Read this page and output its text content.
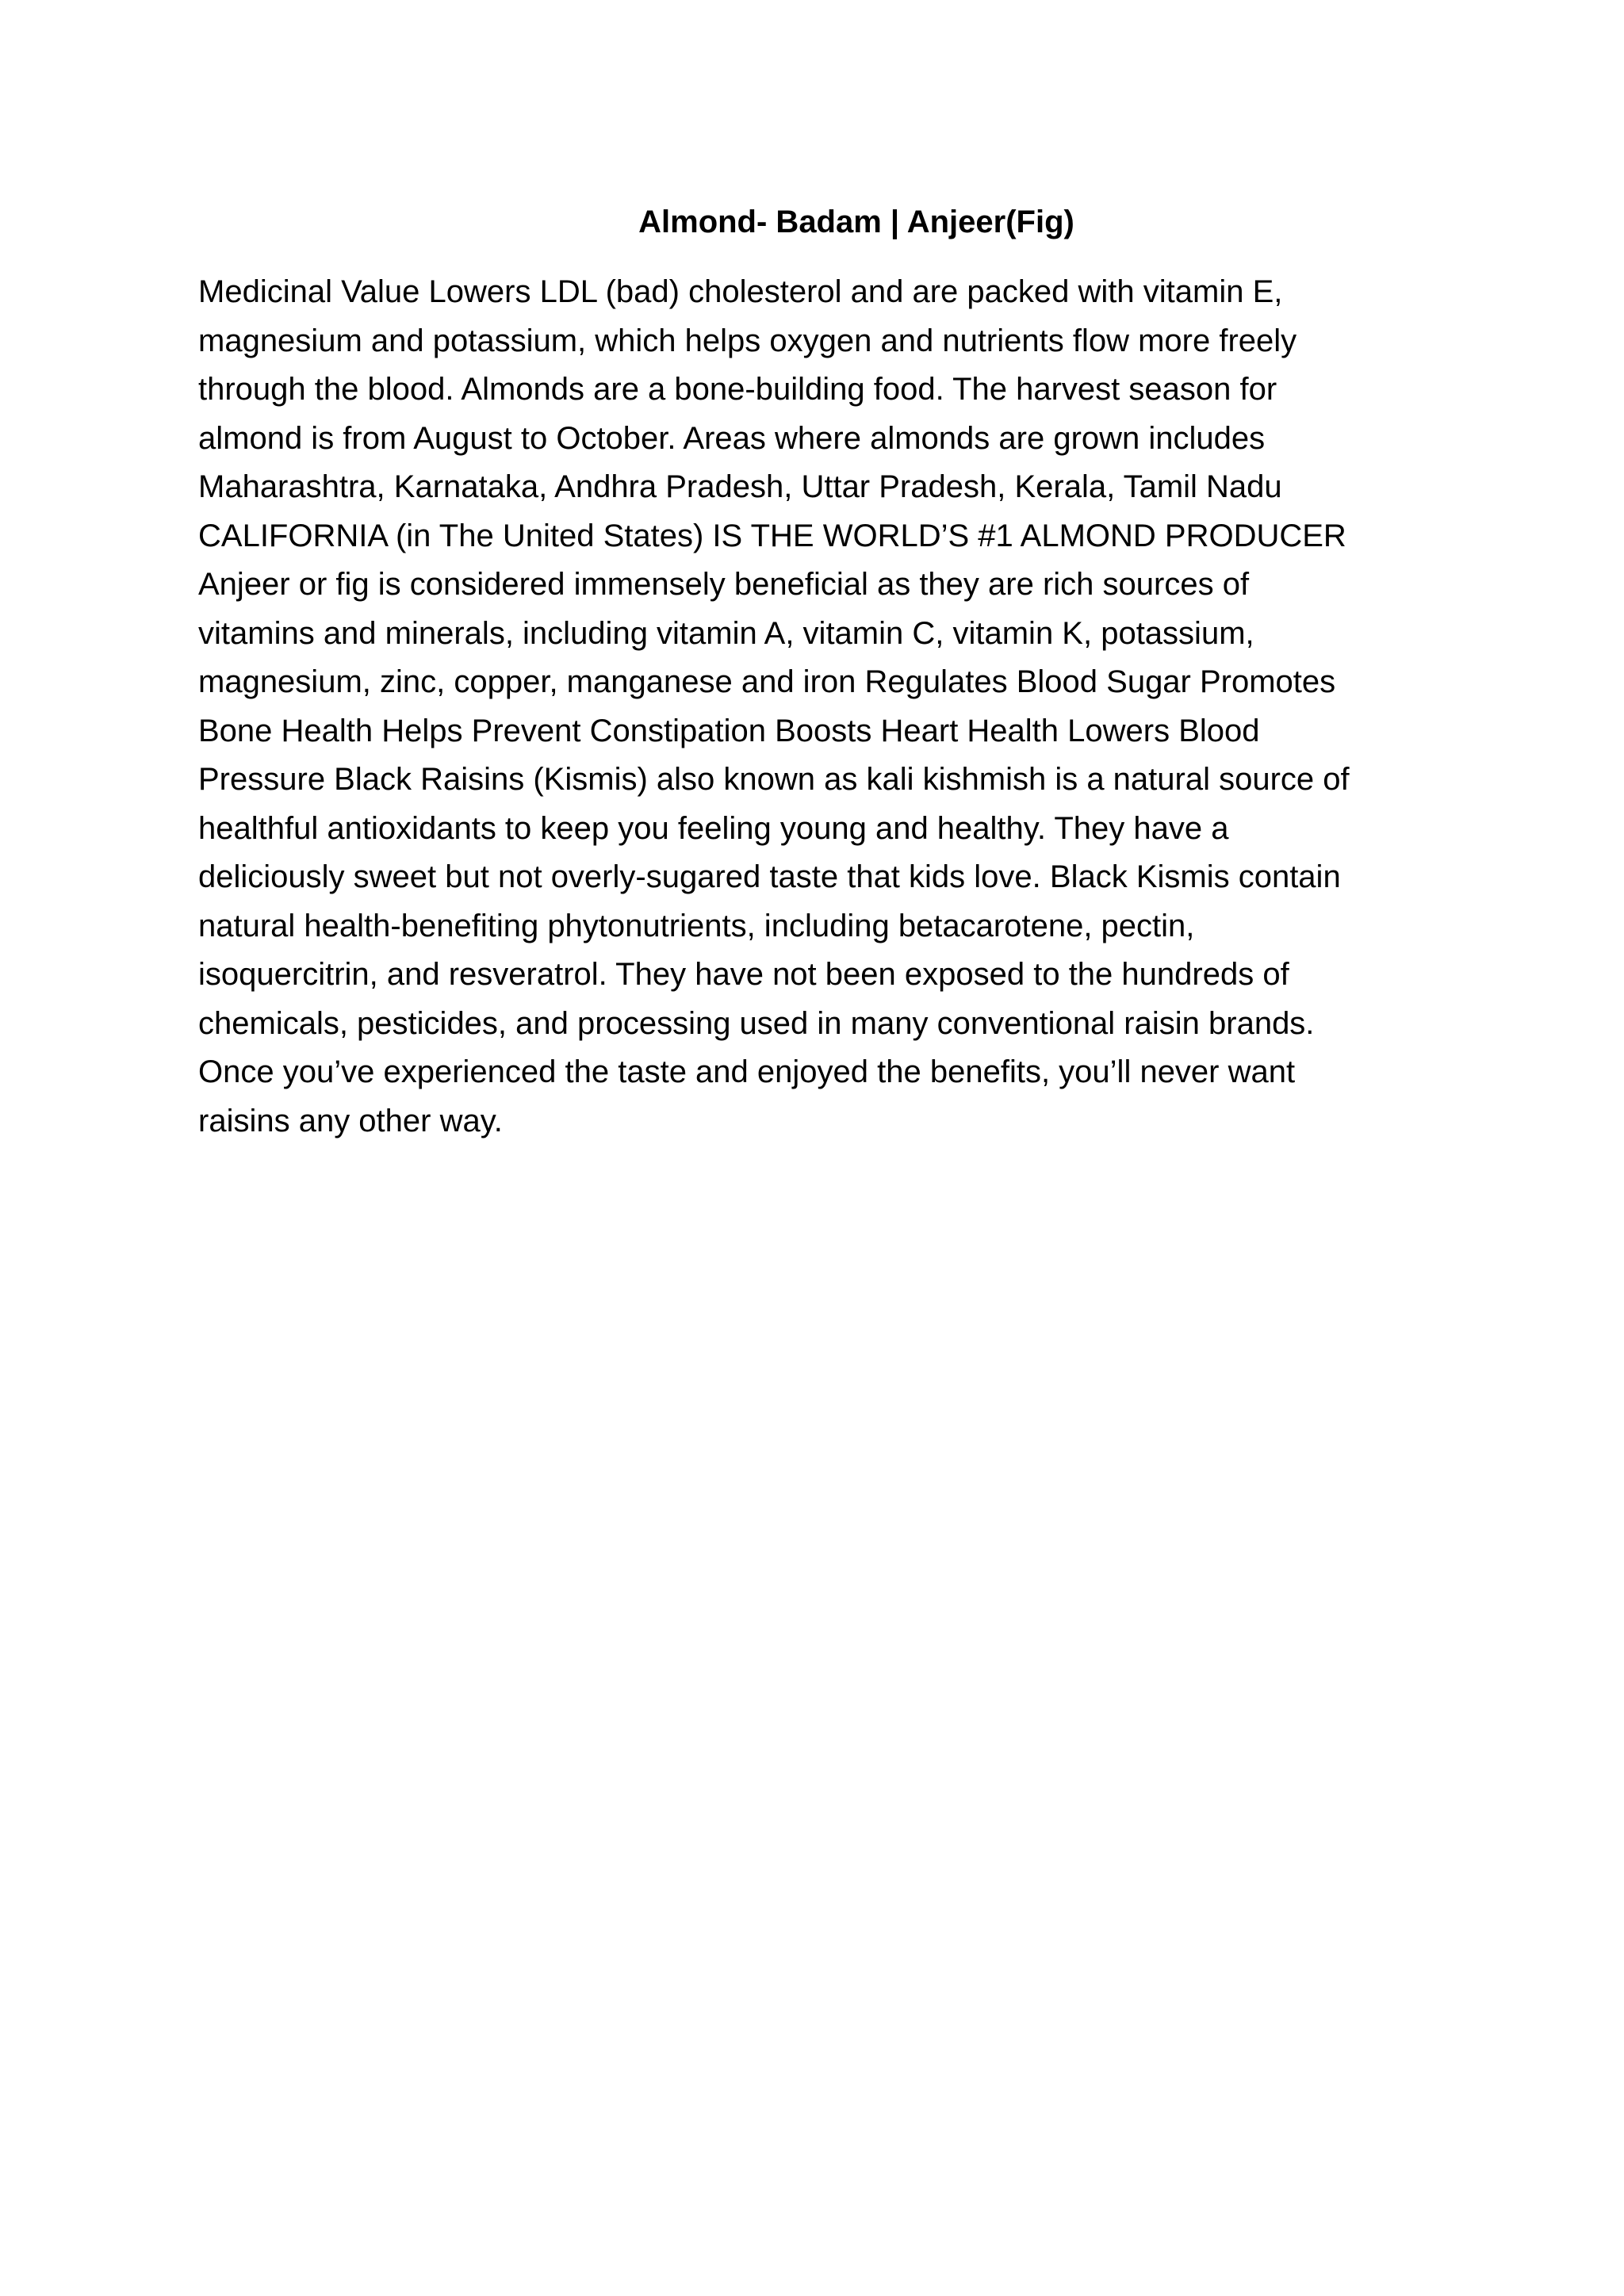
Almond- Badam | Anjeer(Fig)
Medicinal Value Lowers LDL (bad) cholesterol and are packed with vitamin E,
magnesium and potassium, which helps oxygen and nutrients flow more freely
through the blood. Almonds are a bone-building food. The harvest season for
almond is from August to October. Areas where almonds are grown includes
Maharashtra, Karnataka, Andhra Pradesh, Uttar Pradesh, Kerala, Tamil Nadu
CALIFORNIA (in The United States) IS THE WORLD’S #1 ALMOND PRODUCER
Anjeer or fig is considered immensely beneficial as they are rich sources of
vitamins and minerals, including vitamin A, vitamin C, vitamin K, potassium,
magnesium, zinc, copper, manganese and iron Regulates Blood Sugar Promotes
Bone Health Helps Prevent Constipation Boosts Heart Health Lowers Blood
Pressure Black Raisins (Kismis) also known as kali kishmish is a natural source of
healthful antioxidants to keep you feeling young and healthy. They have a
deliciously sweet but not overly-sugared taste that kids love. Black Kismis contain
natural health-benefiting phytonutrients, including betacarotene, pectin,
isoquercitrin, and resveratrol. They have not been exposed to the hundreds of
chemicals, pesticides, and processing used in many conventional raisin brands.
Once you’ve experienced the taste and enjoyed the benefits, you’ll never want
raisins any other way.
